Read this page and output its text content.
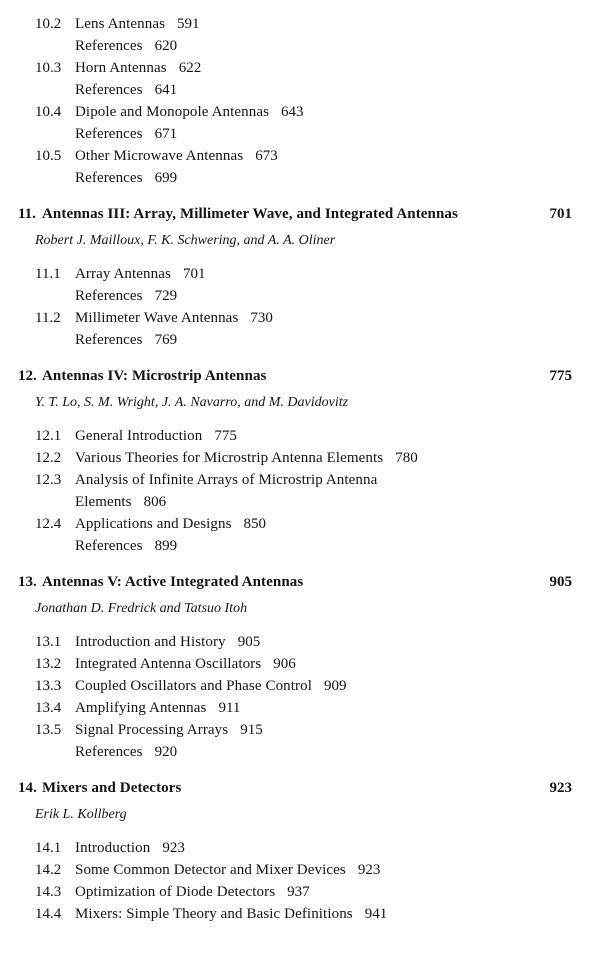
10.2 Lens Antennas 591
References 620
10.3 Horn Antennas 622
References 641
10.4 Dipole and Monopole Antennas 643
References 671
10.5 Other Microwave Antennas 673
References 699
11. Antennas III: Array, Millimeter Wave, and Integrated Antennas	701
Robert J. Mailloux, F. K. Schwering, and A. A. Oliner
11.1 Array Antennas 701
References 729
11.2 Millimeter Wave Antennas 730
References 769
12. Antennas IV: Microstrip Antennas	775
Y. T. Lo, S. M. Wright, J. A. Navarro, and M. Davidovitz
12.1 General Introduction 775
12.2 Various Theories for Microstrip Antenna Elements 780
12.3 Analysis of Infinite Arrays of Microstrip Antenna Elements 806
12.4 Applications and Designs 850
References 899
13. Antennas V: Active Integrated Antennas	905
Jonathan D. Fredrick and Tatsuo Itoh
13.1 Introduction and History 905
13.2 Integrated Antenna Oscillators 906
13.3 Coupled Oscillators and Phase Control 909
13.4 Amplifying Antennas 911
13.5 Signal Processing Arrays 915
References 920
14. Mixers and Detectors	923
Erik L. Kollberg
14.1 Introduction 923
14.2 Some Common Detector and Mixer Devices 923
14.3 Optimization of Diode Detectors 937
14.4 Mixers: Simple Theory and Basic Definitions 941
